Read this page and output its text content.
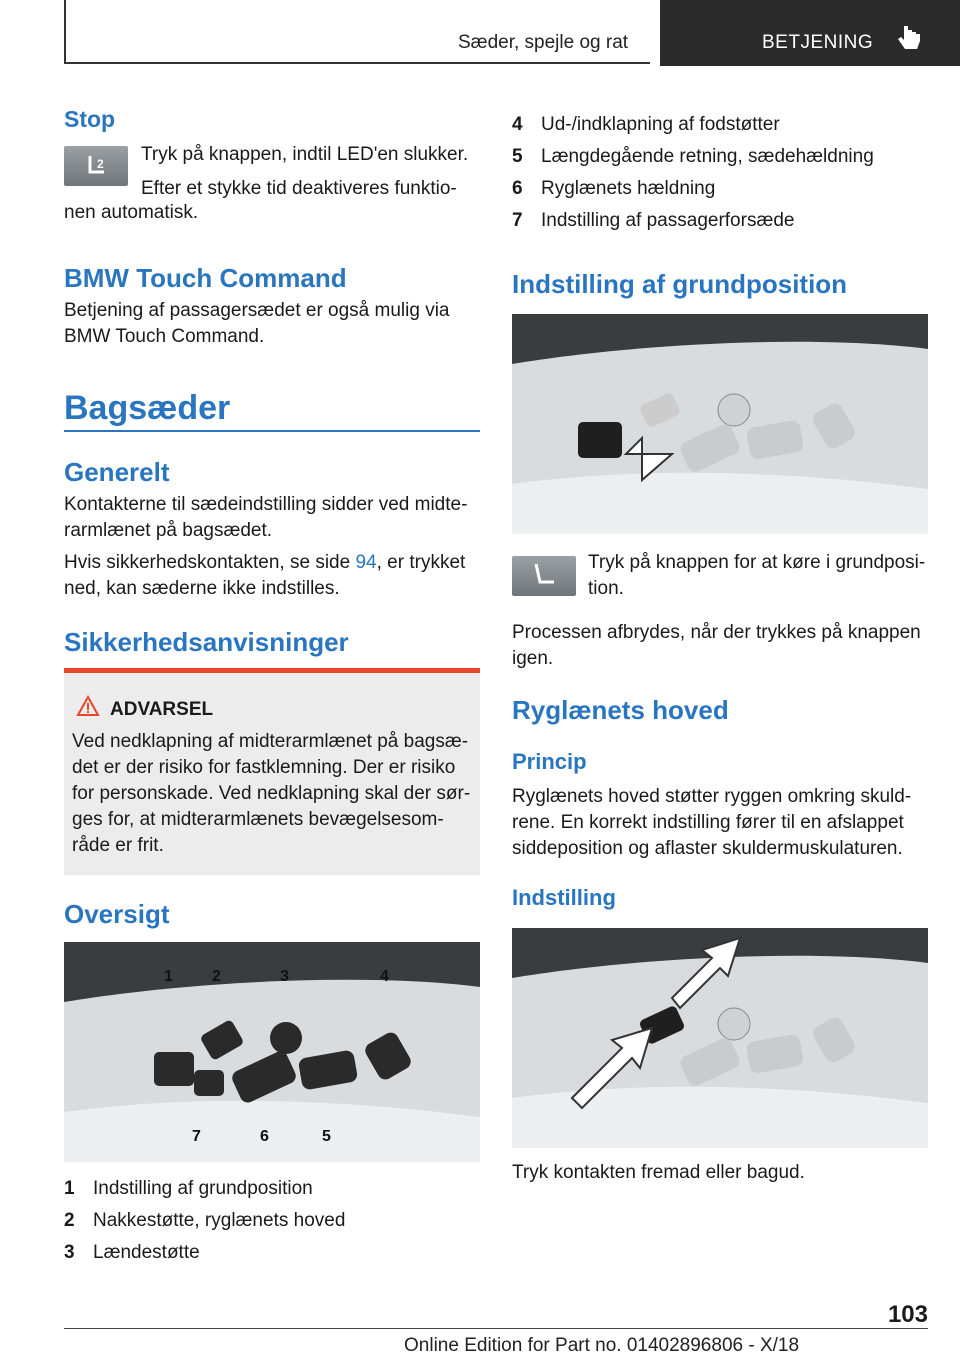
Sæder, spejle og rat	BETJENING
Stop
2 Tryk på knappen, indtil LED'en slukker.
Efter et stykke tid deaktiveres funktio-
nen automatisk.
BMW Touch Command
Betjening af passagersædet er også mulig via BMW Touch Command.
Bagsæder
Generelt
Kontakterne til sædeindstilling sidder ved midte-rarmlænet på bagsædet.
Hvis sikkerhedskontakten, se side 94, er trykket ned, kan sæderne ikke indstilles.
Sikkerhedsanvisninger
ADVARSEL
Ved nedklapning af midterarmlænet på bagsæ-det er der risiko for fastklemning. Der er risiko for personskade. Ved nedklapning skal der sør-ges for, at midterarmlænets bevægelsesom-råde er frit.
Oversigt
1 2	3	4
7	6	5
1 Indstilling af grundposition
2 Nakkestøtte, ryglænets hoved
3 Lændestøtte
4 Ud-/indklapning af fodstøtter
5 Længdegående retning, sædehældning
6 Ryglænets hældning
7 Indstilling af passagerforsæde
Indstilling af grundposition
Tryk på knappen for at køre i grundposi-tion.
Processen afbrydes, når der trykkes på knappen igen.
Ryglænets hoved
Princip
Ryglænets hoved støtter ryggen omkring skuld-rene. En korrekt indstilling fører til en afslappet siddeposition og aflaster skuldermuskulaturen.
Indstilling
Tryk kontakten fremad eller bagud.
103
Online Edition for Part no. 01402896806 - X/18
